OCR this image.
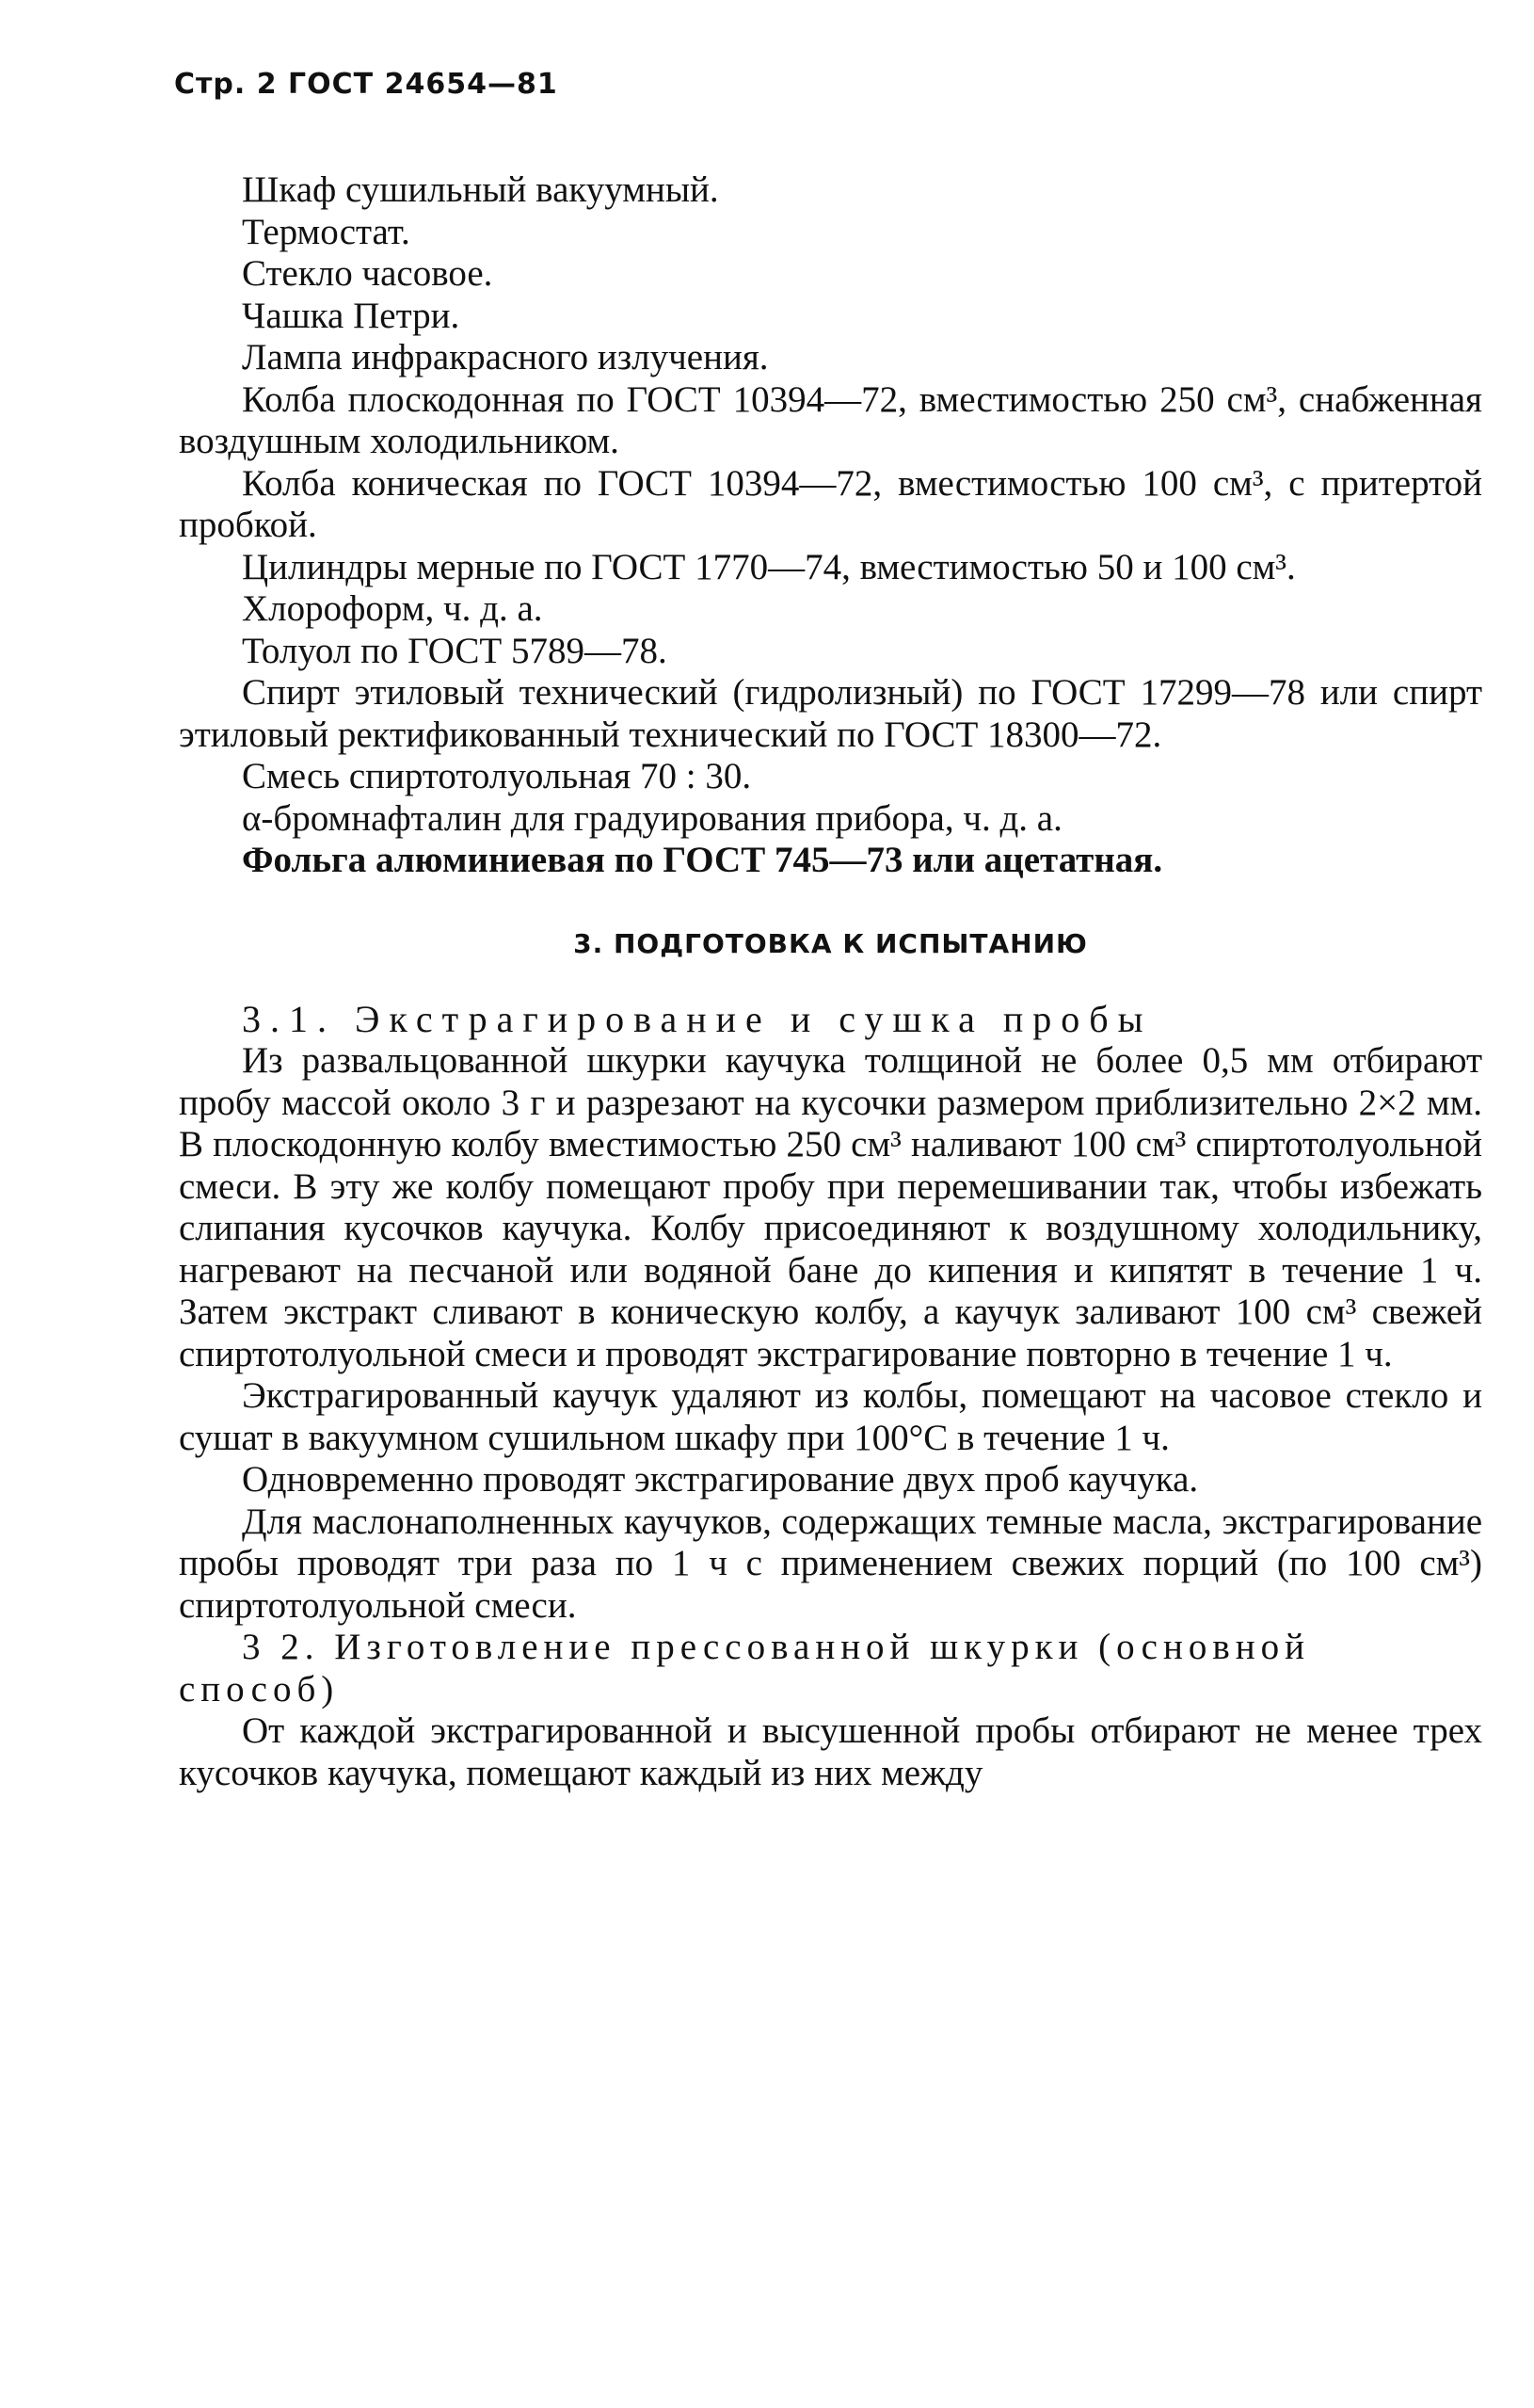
Стр. 2 ГОСТ 24654—81
Шкаф сушильный вакуумный.
Термостат.
Стекло часовое.
Чашка Петри.
Лампа инфракрасного излучения.

Колба плоскодонная по ГОСТ 10394—72, вместимостью 250 см³, снабженная воздушным холодильником.

Колба коническая по ГОСТ 10394—72, вместимостью 100 см³, с притертой пробкой.

Цилиндры мерные по ГОСТ 1770—74, вместимостью 50 и 100 см³.

Хлороформ, ч. д. а.
Толуол по ГОСТ 5789—78.

Спирт этиловый технический (гидролизный) по ГОСТ 17299—78 или спирт этиловый ректификованный технический по ГОСТ 18300—72.

Смесь спиртотолуольная 70 : 30.
α-бромнафталин для градуирования прибора, ч. д. а.
Фольга алюминиевая по ГОСТ 745—73 или ацетатная.
3. ПОДГОТОВКА К ИСПЫТАНИЮ
3.1. Экстрагирование и сушка пробы

Из развальцованной шкурки каучука толщиной не более 0,5 мм отбирают пробу массой около 3 г и разрезают на кусочки размером приблизительно 2×2 мм. В плоскодонную колбу вместимостью 250 см³ наливают 100 см³ спиртотолуольной смеси. В эту же колбу помещают пробу при перемешивании так, чтобы избежать слипания кусочков каучука. Колбу присоединяют к воздушному холодильнику, нагревают на песчаной или водяной бане до кипения и кипятят в течение 1 ч. Затем экстракт сливают в коническую колбу, а каучук заливают 100 см³ свежей спиртотолуольной смеси и проводят экстрагирование повторно в течение 1 ч.

Экстрагированный каучук удаляют из колбы, помещают на часовое стекло и сушат в вакуумном сушильном шкафу при 100°С в течение 1 ч.

Одновременно проводят экстрагирование двух проб каучука.

Для маслонаполненных каучуков, содержащих темные масла, экстрагирование пробы проводят три раза по 1 ч с применением свежих порций (по 100 см³) спиртотолуольной смеси.

3 2. Изготовление прессованной шкурки (основной способ)

От каждой экстрагированной и высушенной пробы отбирают не менее трех кусочков каучука, помещают каждый из них между
